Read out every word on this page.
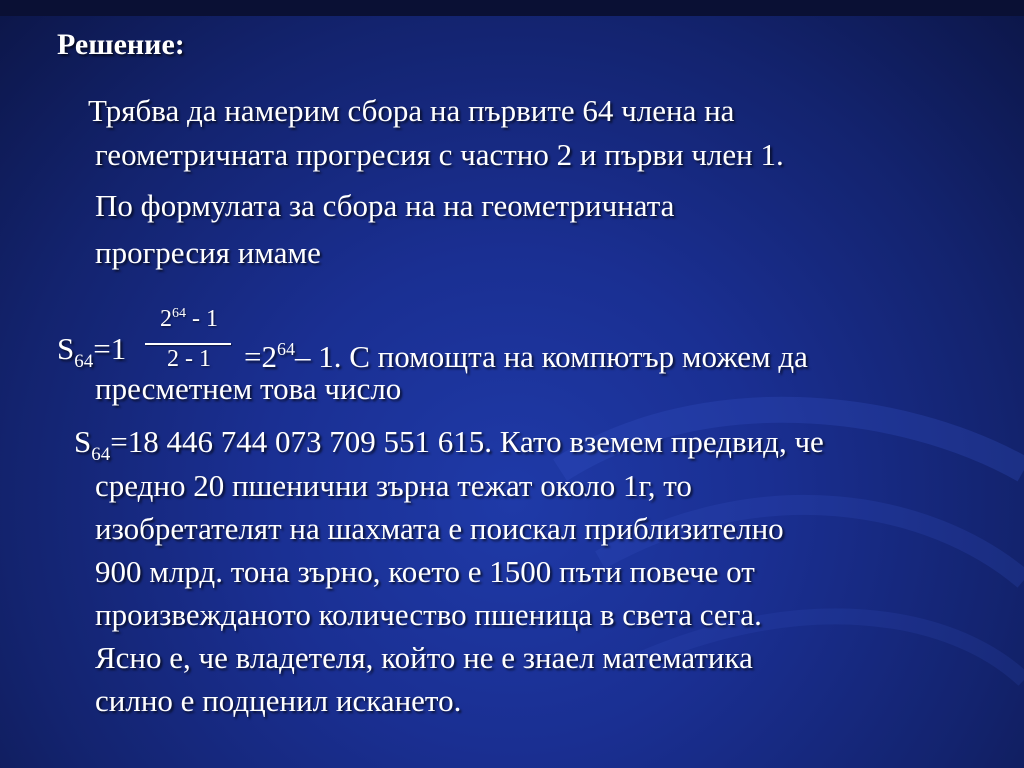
Решение:
Трябва да намерим сбора на първите 64 члена на
геометричната прогресия с частно 2 и първи член 1.
По формулата за сбора на на геометричната
прогресия имаме
$S_{64}=1$
$2^{64} - 1$
2 - 1	$=2^{64}-$ 1. С помощта на компютър можем да
пресметнем това число
$S_{64}=18$ 446 744 073 709 551 615. Като вземем предвид, че
средно 20 пшенични зърна тежат около 1г, то
изобретателят на шахмата е поискал приблизително
900 млрд. тона зърно, което е 1500 пъти повече от
произвежданото количество пшеница в света сега.
Ясно е, че владетеля, който не е знаел математика
силно е подценил искането.
